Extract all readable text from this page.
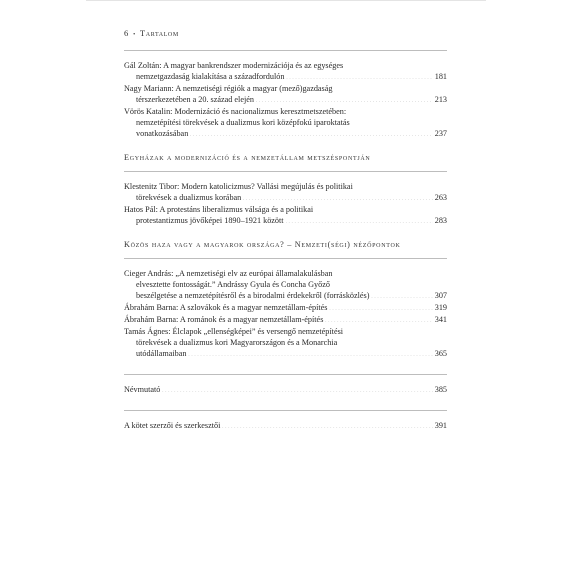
6 • Tartalom
Gál Zoltán: A magyar bankrendszer modernizációja és az egységes
nemzetgazdaság kialakítása a századfordulón . . .	181
Nagy Mariann: A nemzetiségi régiók a magyar (mező)gazdaság
térszerkezetében a 20. század elején . . .	213
Vörös Katalin: Modernizáció és nacionalizmus keresztmetszetében:
nemzetépítési törekvések a dualizmus kori középfokú iparoktatás
vonatkozásában . . .	237
Egyházak a modernizáció és a nemzetállam metszéspontján
Klestenitz Tibor: Modern katolicizmus? Vallási megújulás és politikai
törekvések a dualizmus korában . . .	263
Hatos Pál: A protestáns liberalizmus válsága és a politikai
protestantizmus jövőképei 1890–1921 között . . .	283
Közös haza vagy a magyarok országa? – Nemzeti(ségi) nézőpontok
Cieger András: „A nemzetiségi elv az európai államalakulásban
elvesztette fontosságát.” Andrássy Gyula és Concha Győző
beszélgetése a nemzetépítésről és a birodalmi érdekekről (forrásközlés) . . .	307
Ábrahám Barna: A szlovákok és a magyar nemzetállam-építés . . .	319
Ábrahám Barna: A románok és a magyar nemzetállam-építés . . .	341
Tamás Ágnes: Élclapok „ellenségképei” és versengő nemzetépítési
törekvések a dualizmus kori Magyarországon és a Monarchia
utódállamaiban . . .	365
Névmutató . . .	385
A kötet szerzői és szerkesztői . . .	391
